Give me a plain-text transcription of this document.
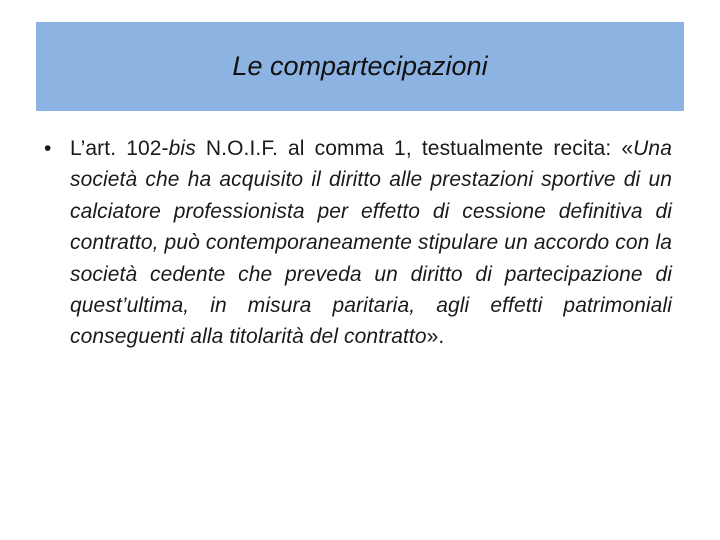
Le compartecipazioni
• L’art. 102-bis N.O.I.F. al comma 1, testualmente recita: «Una società che ha acquisito il diritto alle prestazioni sportive di un calciatore professionista per effetto di cessione definitiva di contratto, può contemporaneamente stipulare un accordo con la società cedente che preveda un diritto di partecipazione di quest’ultima, in misura paritaria, agli effetti patrimoniali conseguenti alla titolarità del contratto».
